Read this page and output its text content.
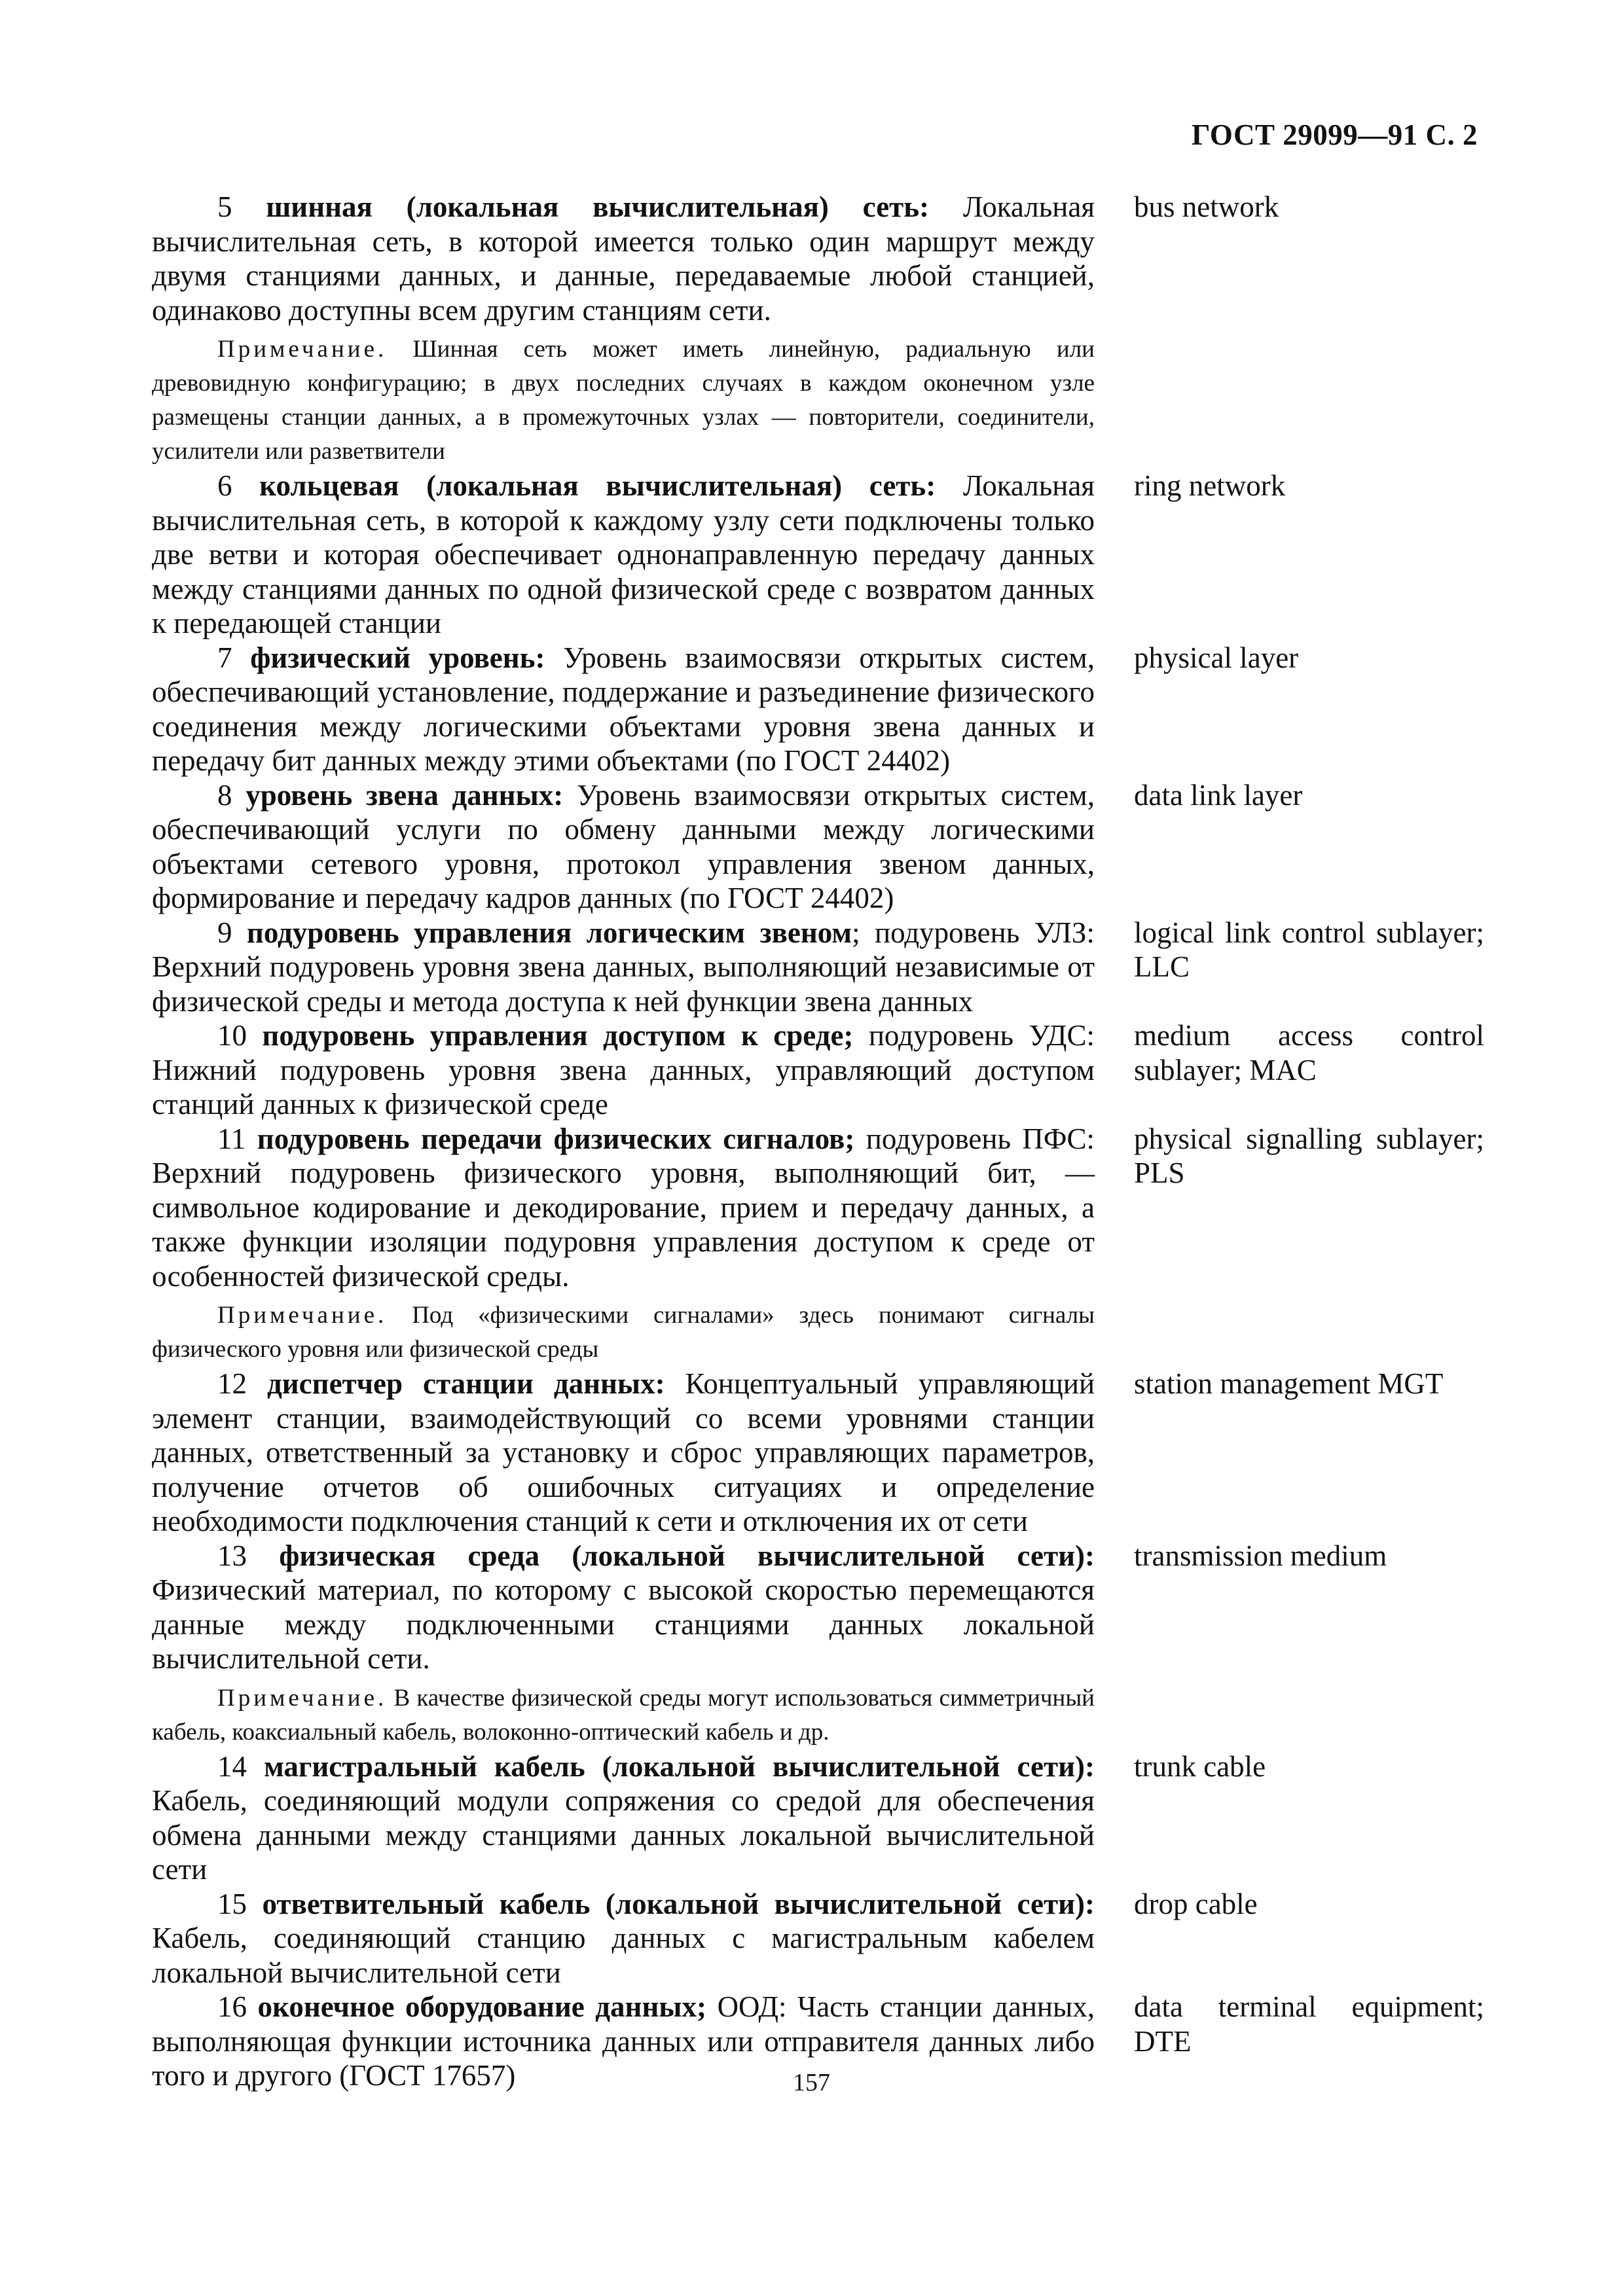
ГОСТ 29099—91 С. 2

5 шинная (локальная вычислительная) сеть: Локальная вычислительная сеть, в которой имеется только один маршрут между двумя станциями данных, и данные, передаваемые любой станцией, одинаково доступны всем другим станциям сети.

bus network

Примечание. Шинная сеть может иметь линейную, радиальную или древовидную конфигурацию; в двух последних случаях в каждом оконечном узле размещены станции данных, а в промежуточных узлах — повторители, соединители, усилители или разветвители

6 кольцевая (локальная вычислительная) сеть: Локальная вычислительная сеть, в которой к каждому узлу сети подключены только две ветви и которая обеспечивает однонаправленную передачу данных между станциями данных по одной физической среде с возвратом данных к передающей станции

ring network

7 физический уровень: Уровень взаимосвязи открытых систем, обеспечивающий установление, поддержание и разъединение физического соединения между логическими объектами уровня звена данных и передачу бит данных между этими объектами (по ГОСТ 24402)

physical layer

8 уровень звена данных: Уровень взаимосвязи открытых систем, обеспечивающий услуги по обмену данными между логическими объектами сетевого уровня, протокол управления звеном данных, формирование и передачу кадров данных (по ГОСТ 24402)

data link layer

9 подуровень управления логическим звеном; подуровень УЛЗ: Верхний подуровень уровня звена данных, выполняющий независимые от физической среды и метода доступа к ней функции звена данных

logical link control sublayer; LLC

10 подуровень управления доступом к среде; подуровень УДС: Нижний подуровень уровня звена данных, управляющий доступом станций данных к физической среде

medium access control sublayer; MAC

11 подуровень передачи физических сигналов; подуровень ПФС: Верхний подуровень физического уровня, выполняющий бит, — символьное кодирование и декодирование, прием и передачу данных, а также функции изоляции подуровня управления доступом к среде от особенностей физической среды.

physical signalling sublayer; PLS

Примечание. Под «физическими сигналами» здесь понимают сигналы физического уровня или физической среды

12 диспетчер станции данных: Концептуальный управляющий элемент станции, взаимодействующий со всеми уровнями станции данных, ответственный за установку и сброс управляющих параметров, получение отчетов об ошибочных ситуациях и определение необходимости подключения станций к сети и отключения их от сети

station management MGT

13 физическая среда (локальной вычислительной сети): Физический материал, по которому с высокой скоростью перемещаются данные между подключенными станциями данных локальной вычислительной сети.

transmission medium

Примечание. В качестве физической среды могут использоваться симметричный кабель, коаксиальный кабель, волоконно-оптический кабель и др.

14 магистральный кабель (локальной вычислительной сети): Кабель, соединяющий модули сопряжения со средой для обеспечения обмена данными между станциями данных локальной вычислительной сети

trunk cable

15 ответвительный кабель (локальной вычислительной сети): Кабель, соединяющий станцию данных с магистральным кабелем локальной вычислительной сети

drop cable

16 оконечное оборудование данных; ООД: Часть станции данных, выполняющая функции источника данных или отправителя данных либо того и другого (ГОСТ 17657)

data terminal equipment; DTE
157
